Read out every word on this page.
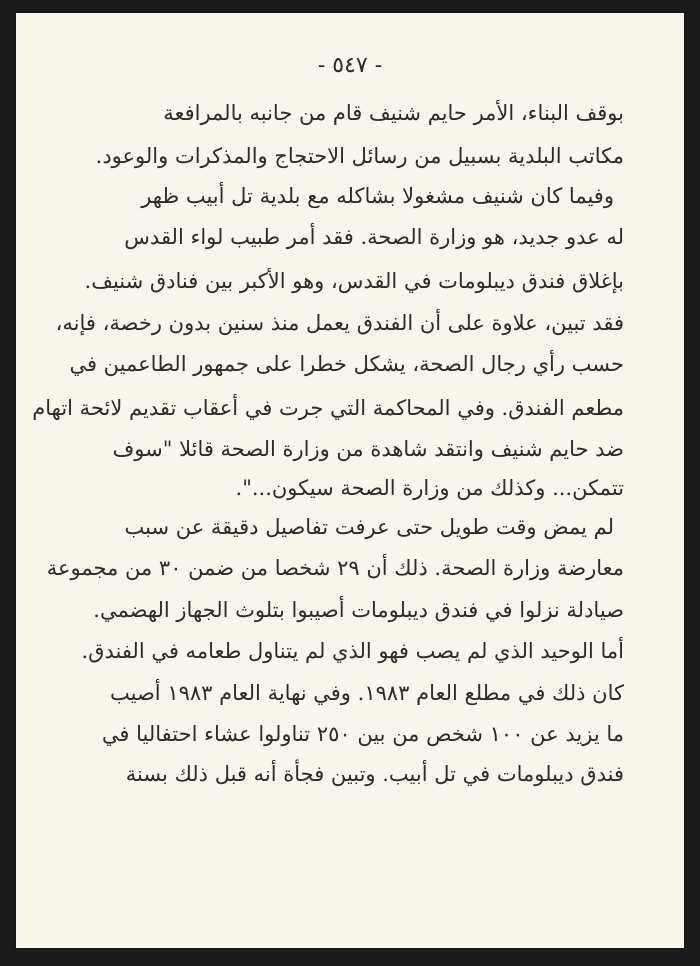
- ٥٤٧ -
بوقف البناء، الأمر حايم شنيف قام من جانبه بالمرافعة
مكاتب البلدية بسبيل من رسائل الاحتجاج والمذكرات والوعود.
وفيما كان شنيف مشغولا بشاكله مع بلدية تل أبيب ظهر
له عدو جديد، هو وزارة الصحة. فقد أمر طبيب لواء القدس
بإغلاق فندق ديبلومات في القدس، وهو الأكبر بين فنادق شنيف.
فقد تبين، علاوة على أن الفندق يعمل منذ سنين بدون رخصة، فإنه،
حسب رأي رجال الصحة، يشكل خطرا على جمهور الطاعمين في
مطعم الفندق. وفي المحاكمة التي جرت في أعقاب تقديم لائحة اتهام
ضد حايم شنيف وانتقد شاهدة من وزارة الصحة قائلا "سوف
تتمكن... وكذلك من وزارة الصحة سيكون...".
لم يمض وقت طويل حتى عرفت تفاصيل دقيقة عن سبب
معارضة وزارة الصحة. ذلك أن ٢٩ شخصا من ضمن ٣٠ من مجموعة
صيادلة نزلوا في فندق ديبلومات أصيبوا بتلوث الجهاز الهضمي.
أما الوحيد الذي لم يصب فهو الذي لم يتناول طعامه في الفندق.
كان ذلك في مطلع العام ١٩٨٣. وفي نهاية العام ١٩٨٣ أصيب
ما يزيد عن ١٠٠ شخص من بين ٢٥٠ تناولوا عشاء احتفاليا في
فندق ديبلومات في تل أبيب. وتبين فجأة أنه قبل ذلك بسنة
